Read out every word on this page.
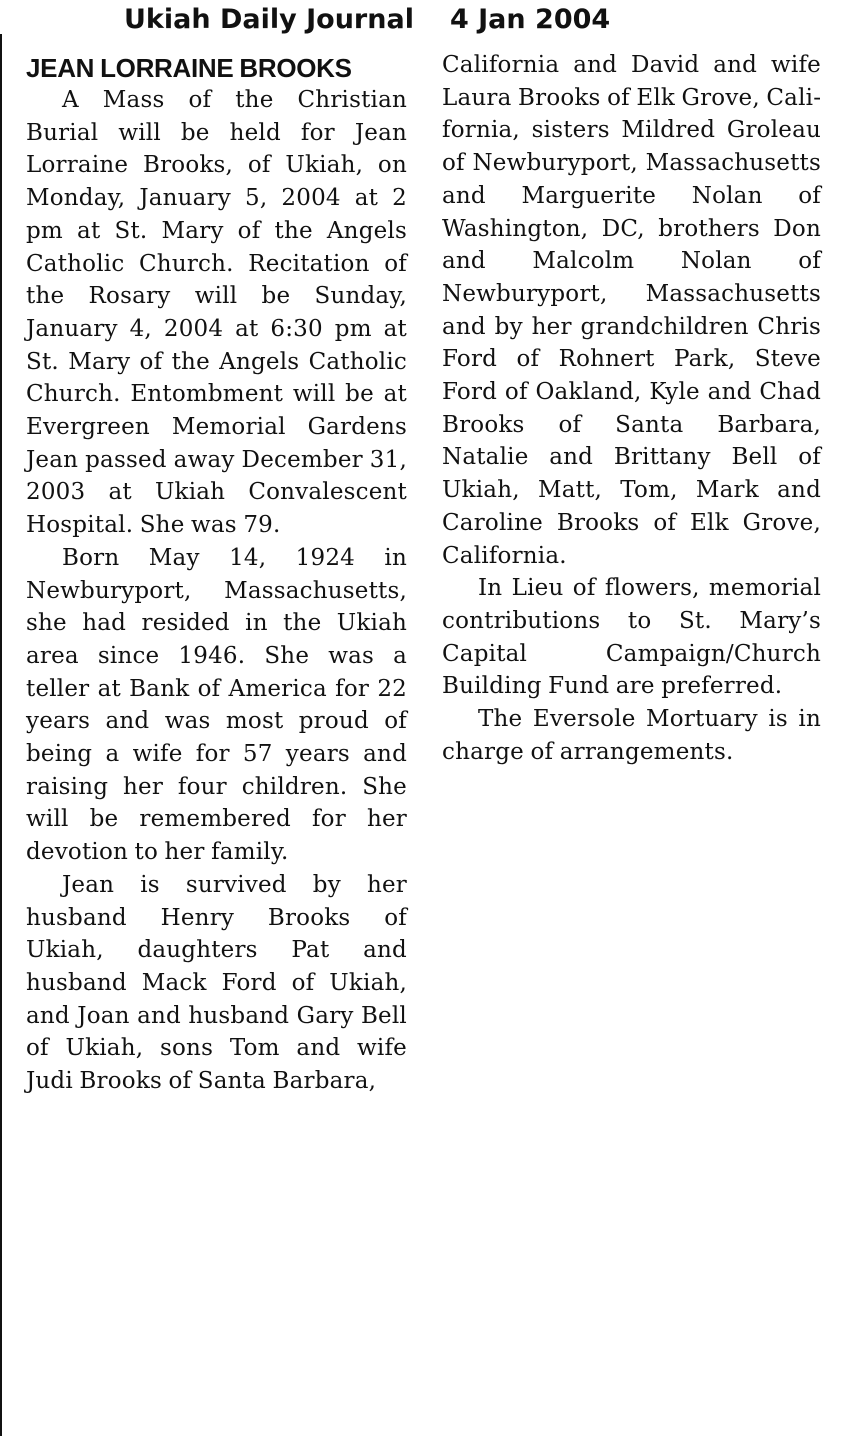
Ukiah Daily Journal 4 Jan 2004
JEAN LORRAINE BROOKS

A Mass of the Christian Burial will be held for Jean Lorraine Brooks, of Ukiah, on Monday, January 5, 2004 at 2 pm at St. Mary of the Angels Catholic Church. Recitation of the Rosary will be Sunday, January 4, 2004 at 6:30 pm at St. Mary of the Angels Catholic Church. Entombment will be at Evergreen Memorial Gardens Jean passed away December 31, 2003 at Ukiah Convalescent Hospital. She was 79.

Born May 14, 1924 in Newburyport, Massachusetts, she had resided in the Ukiah area since 1946. She was a teller at Bank of America for 22 years and was most proud of being a wife for 57 years and raising her four children. She will be remembered for her devotion to her family.

Jean is survived by her husband Henry Brooks of Ukiah, daughters Pat and husband Mack Ford of Ukiah, and Joan and husband Gary Bell of Ukiah, sons Tom and wife Judi Brooks of Santa Barbara,

California and David and wife Laura Brooks of Elk Grove, California, sisters Mildred Groleau of Newburyport, Massachusetts and Marguerite Nolan of Washington, DC, brothers Don and Malcolm Nolan of Newburyport, Massachusetts and by her grandchildren Chris Ford of Rohnert Park, Steve Ford of Oakland, Kyle and Chad Brooks of Santa Barbara, Natalie and Brittany Bell of Ukiah, Matt, Tom, Mark and Caroline Brooks of Elk Grove, California.

In Lieu of flowers, memorial contributions to St. Mary’s Capital Campaign/Church Building Fund are preferred.

The Eversole Mortuary is in charge of arrangements.
